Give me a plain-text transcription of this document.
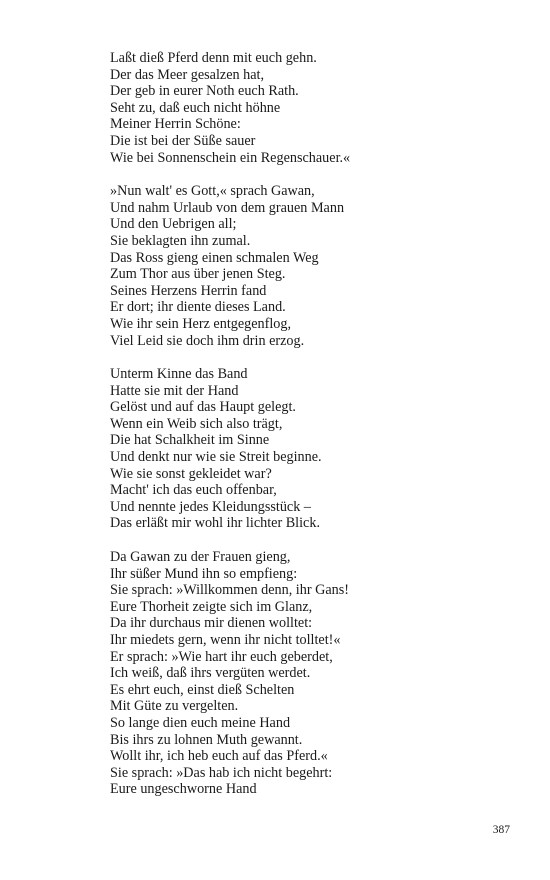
Laßt dieß Pferd denn mit euch gehn.
Der das Meer gesalzen hat,
Der geb in eurer Noth euch Rath.
Seht zu, daß euch nicht höhne
Meiner Herrin Schöne:
Die ist bei der Süße sauer
Wie bei Sonnenschein ein Regenschauer.«
»Nun walt' es Gott,« sprach Gawan,
Und nahm Urlaub von dem grauen Mann
Und den Uebrigen all;
Sie beklagten ihn zumal.
Das Ross gieng einen schmalen Weg
Zum Thor aus über jenen Steg.
Seines Herzens Herrin fand
Er dort; ihr diente dieses Land.
Wie ihr sein Herz entgegenflog,
Viel Leid sie doch ihm drin erzog.
Unterm Kinne das Band
Hatte sie mit der Hand
Gelöst und auf das Haupt gelegt.
Wenn ein Weib sich also trägt,
Die hat Schalkheit im Sinne
Und denkt nur wie sie Streit beginne.
Wie sie sonst gekleidet war?
Macht' ich das euch offenbar,
Und nennte jedes Kleidungsstück –
Das erläßt mir wohl ihr lichter Blick.
Da Gawan zu der Frauen gieng,
Ihr süßer Mund ihn so empfieng:
Sie sprach: »Willkommen denn, ihr Gans!
Eure Thorheit zeigte sich im Glanz,
Da ihr durchaus mir dienen wolltet:
Ihr miedets gern, wenn ihr nicht tolltet!«
Er sprach: »Wie hart ihr euch geberdet,
Ich weiß, daß ihrs vergüten werdet.
Es ehrt euch, einst dieß Schelten
Mit Güte zu vergelten.
So lange dien euch meine Hand
Bis ihrs zu lohnen Muth gewannt.
Wollt ihr, ich heb euch auf das Pferd.«
Sie sprach: »Das hab ich nicht begehrt:
Eure ungeschworne Hand
387
